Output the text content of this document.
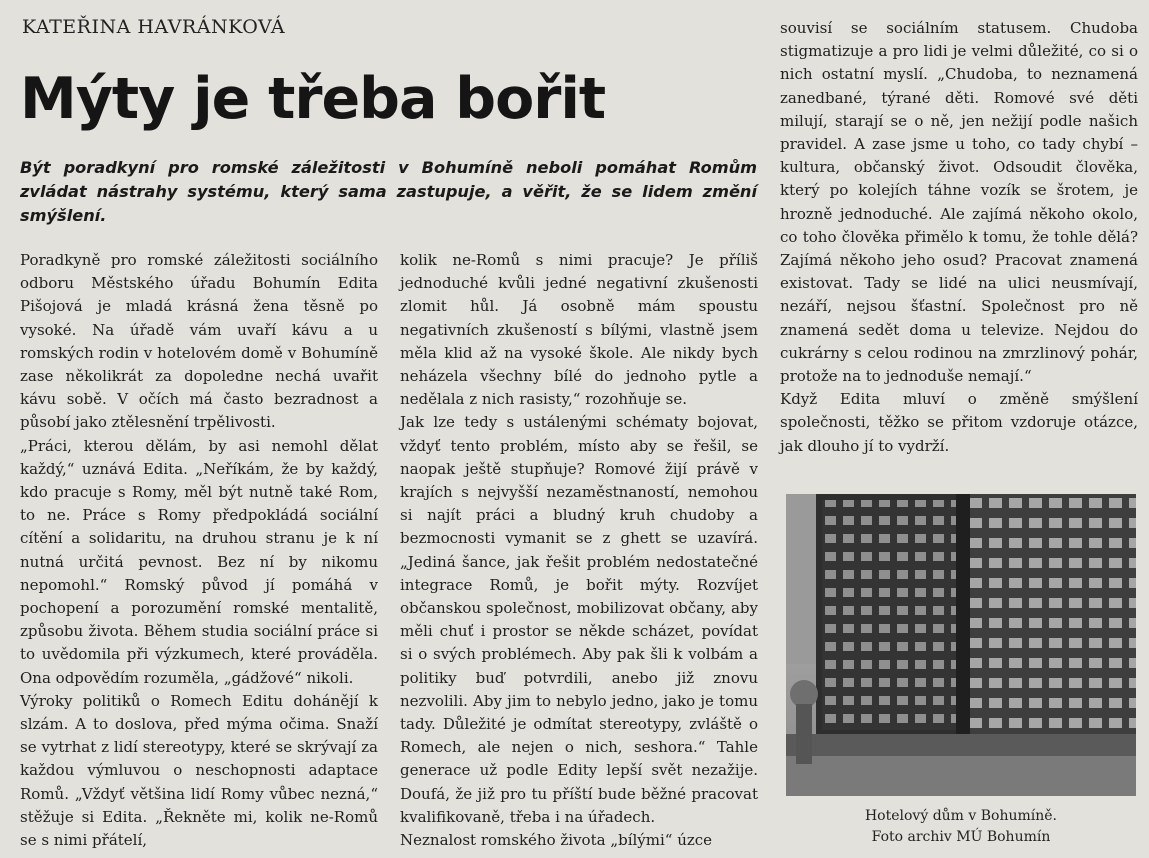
KATEŘINA HAVRÁNKOVÁ
Mýty je třeba bořit
Být poradkyní pro romské záležitosti v Bohumíně neboli pomáhat Romům zvládat nástrahy systému, který sama zastupuje, a věřit, že se lidem změní smýšlení.

Poradkyně pro romské záležitosti sociálního odboru Městského úřadu Bohumín Edita Pišojová je mladá krásná žena těsně po vysoké. Na úřadě vám uvaří kávu a u romských rodin v hotelovém domě v Bohumíně zase několikrát za dopoledne nechá uvařit kávu sobě. V očích má často bezradnost a působí jako ztělesnění trpělivosti.

„Práci, kterou dělám, by asi nemohl dělat každý,“ uznává Edita. „Neříkám, že by každý, kdo pracuje s Romy, měl být nutně také Rom, to ne. Práce s Romy předpokládá sociální cítění a solidaritu, na druhou stranu je k ní nutná určitá pevnost. Bez ní by nikomu nepomohl.“ Romský původ jí pomáhá v pochopení a porozumění romské mentalitě, způsobu života. Během studia sociální práce si to uvědomila při výzkumech, které prováděla. Ona odpovědím rozuměla, „gádžové“ nikoli.

Výroky politiků o Romech Editu dohánějí k slzám. A to doslova, před mýma očima. Snaží se vytrhat z lidí stereotypy, které se skrývají za každou výmluvou o neschopnosti adaptace Romů. „Vždyť většina lidí Romy vůbec nezná,“ stěžuje si Edita. „Řekněte mi, kolik ne-Romů se s nimi přátelí,

kolik ne-Romů s nimi pracuje? Je příliš jednoduché kvůli jedné negativní zkušenosti zlomit hůl. Já osobně mám spoustu negativních zkušeností s bílými, vlastně jsem měla klid až na vysoké škole. Ale nikdy bych neházela všechny bílé do jednoho pytle a nedělala z nich rasisty,“ rozohňuje se.

Jak lze tedy s ustálenými schématy bojovat, vždyť tento problém, místo aby se řešil, se naopak ještě stupňuje? Romové žijí právě v krajích s nejvyšší nezaměstnaností, nemohou si najít práci a bludný kruh chudoby a bezmocnosti vymanit se z ghett se uzavírá. „Jediná šance, jak řešit problém nedostatečné integrace Romů, je bořit mýty. Rozvíjet občanskou společnost, mobilizovat občany, aby měli chuť i prostor se někde scházet, povídat si o svých problémech. Aby pak šli k volbám a politiky buď potvrdili, anebo již znovu nezvolili. Aby jim to nebylo jedno, jako je tomu tady. Důležité je odmítat stereotypy, zvláště o Romech, ale nejen o nich, seshora.“ Tahle generace už podle Edity lepší svět nezažije. Doufá, že již pro tu příští bude běžné pracovat kvalifikovaně, třeba i na úřadech.

Neznalost romského života „bílými“ úzce

souvisí se sociálním statusem. Chudoba stigmatizuje a pro lidi je velmi důležité, co si o nich ostatní myslí. „Chudoba, to neznamená zanedbané, týrané děti. Romové své děti milují, starají se o ně, jen nežijí podle našich pravidel. A zase jsme u toho, co tady chybí – kultura, občanský život. Odsoudit člověka, který po kolejích táhne vozík se šrotem, je hrozně jednoduché. Ale zajímá někoho okolo, co toho člověka přimělo k tomu, že tohle dělá? Zajímá někoho jeho osud? Pracovat znamená existovat. Tady se lidé na ulici neusmívají, nezáří, nejsou šťastní. Společnost pro ně znamená sedět doma u televize. Nejdou do cukrárny s celou rodinou na zmrzlinový pohár, protože na to jednoduše nemají.“

Když Edita mluví o změně smýšlení společnosti, těžko se přitom vzdoruje otázce, jak dlouho jí to vydrží.

Hotelový dům v Bohumíně.
Foto archiv MÚ Bohumín
